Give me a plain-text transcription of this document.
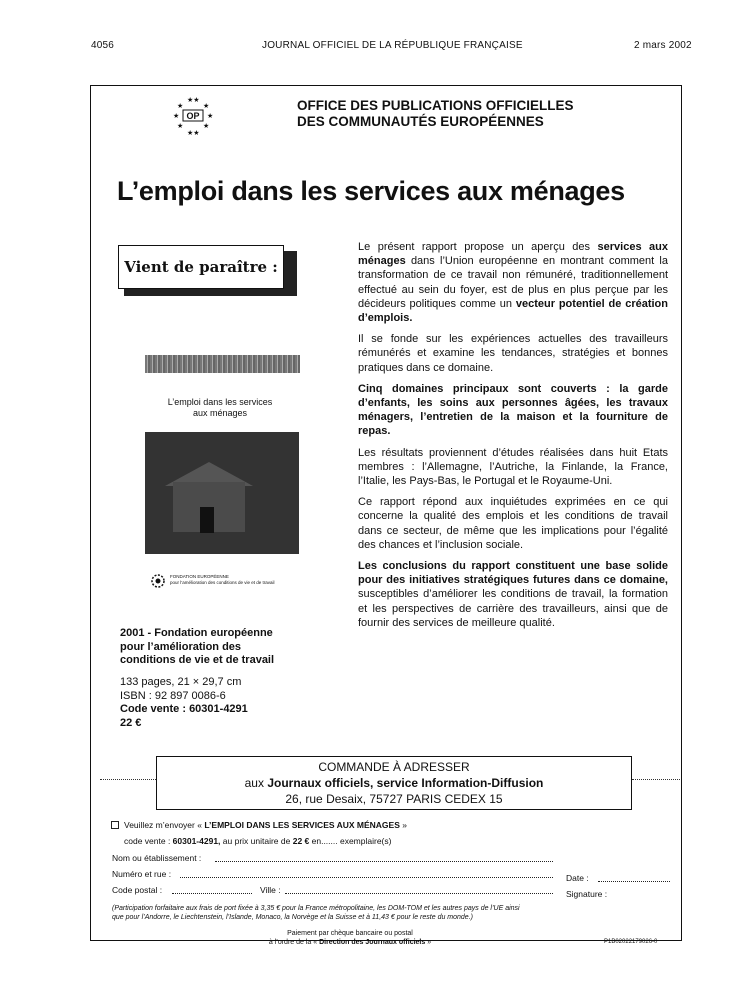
4056	JOURNAL OFFICIEL DE LA RÉPUBLIQUE FRANÇAISE	2 mars 2002
★★
★	★
★	★
★	★
★★
OP
OFFICE DES PUBLICATIONS OFFICIELLES
DES COMMUNAUTÉS EUROPÉENNES
L’emploi dans les services aux ménages
Vient de paraître :
L’emploi dans les services
aux ménages
FONDATION EUROPÉENNE
pour l’amélioration des conditions de vie et de travail
2001 - Fondation européenne
pour l’amélioration des
conditions de vie et de travail
133 pages, 21 × 29,7 cm
ISBN : 92 897 0086-6
Code vente : 60301-4291
22 €

Le présent rapport propose un aperçu des services aux ménages dans l’Union européenne en montrant comment la transformation de ce travail non rémunéré, traditionnellement effectué au sein du foyer, est de plus en plus perçue par les décideurs politiques comme un vecteur potentiel de création d’emplois.

Il se fonde sur les expériences actuelles des travailleurs rémunérés et examine les tendances, stratégies et bonnes pratiques dans ce domaine.

Cinq domaines principaux sont couverts : la garde d’enfants, les soins aux personnes âgées, les travaux ménagers, l’entretien de la maison et la fourniture de repas.

Les résultats proviennent d’études réalisées dans huit Etats membres : l’Allemagne, l’Autriche, la Finlande, la France, l’Italie, les Pays-Bas, le Portugal et le Royaume-Uni.

Ce rapport répond aux inquiétudes exprimées en ce qui concerne la qualité des emplois et les conditions de travail dans ce secteur, de même que les implications pour l’égalité des chances et l’inclusion sociale.

Les conclusions du rapport constituent une base solide pour des initiatives stratégiques futures dans ce domaine, susceptibles d’améliorer les conditions de travail, la formation et les perspectives de carrière des travailleurs, ainsi que de fournir des services de meilleure qualité.

COMMANDE À ADRESSER
aux Journaux officiels, service Information-Diffusion
26, rue Desaix, 75727 PARIS CEDEX 15
Veuillez m’envoyer « L’EMPLOI DANS LES SERVICES AUX MÉNAGES »
code vente : 60301-4291, au prix unitaire de 22 € en....... exemplaire(s)
Nom ou établissement :
Numéro et rue :
Code postal :	Ville :
Date :
Signature :
(Participation forfaitaire aux frais de port fixée à 3,35 € pour la France métropolitaine, les DOM-TOM et les autres pays de l’UE ainsi
que pour l’Andorre, le Liechtenstein, l’Islande, Monaco, la Norvège et la Suisse et à 11,43 € pour le reste du monde.)
Paiement par chèque bancaire ou postal
à l’ordre de la « Direction des Journaux officiels »	P1B02022179026-0
